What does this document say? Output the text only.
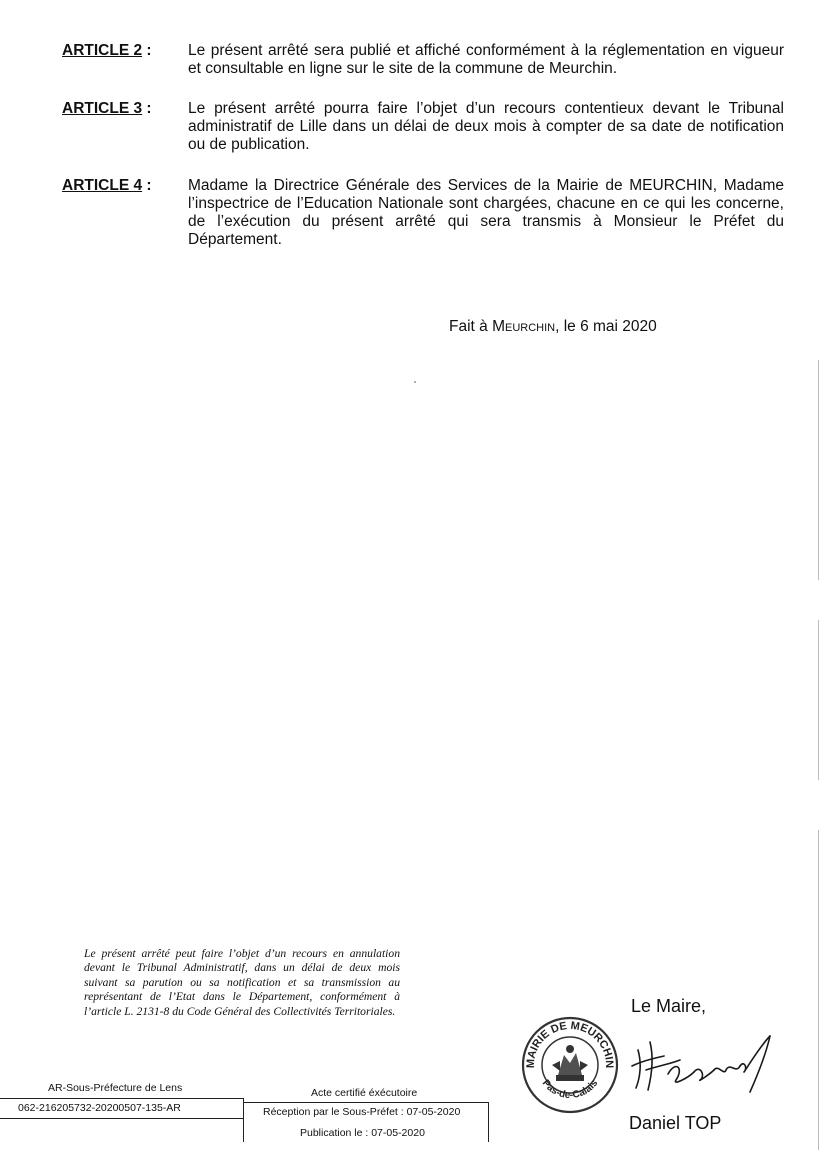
ARTICLE 2 :	Le présent arrêté sera publié et affiché conformément à la réglementation en vigueur et consultable en ligne sur le site de la commune de Meurchin.
ARTICLE 3 :	Le présent arrêté pourra faire l’objet d’un recours contentieux devant le Tribunal administratif de Lille dans un délai de deux mois à compter de sa date de notification ou de publication.
ARTICLE 4 :	Madame la Directrice Générale des Services de la Mairie de MEURCHIN, Madame l’inspectrice de l’Education Nationale sont chargées, chacune en ce qui les concerne, de l’exécution du présent arrêté qui sera transmis à Monsieur le Préfet du Département.
Fait à Meurchin, le 6 mai 2020
Le présent arrêté peut faire l’objet d’un recours en annulation devant le Tribunal Administratif, dans un délai de deux mois suivant sa parution ou sa notification et sa transmission au représentant de l’Etat dans le Département, conformément à l’article L. 2131-8 du Code Général des Collectivités Territoriales.	Le Maire,
MAIRIE DE MEURCHIN
Pas-de-Calais
Daniel TOP
AR-Sous-Préfecture de Lens	Acte certifié éxécutoire
062-216205732-20200507-135-AR	Réception par le Sous-Préfet : 07-05-2020
Publication le : 07-05-2020
